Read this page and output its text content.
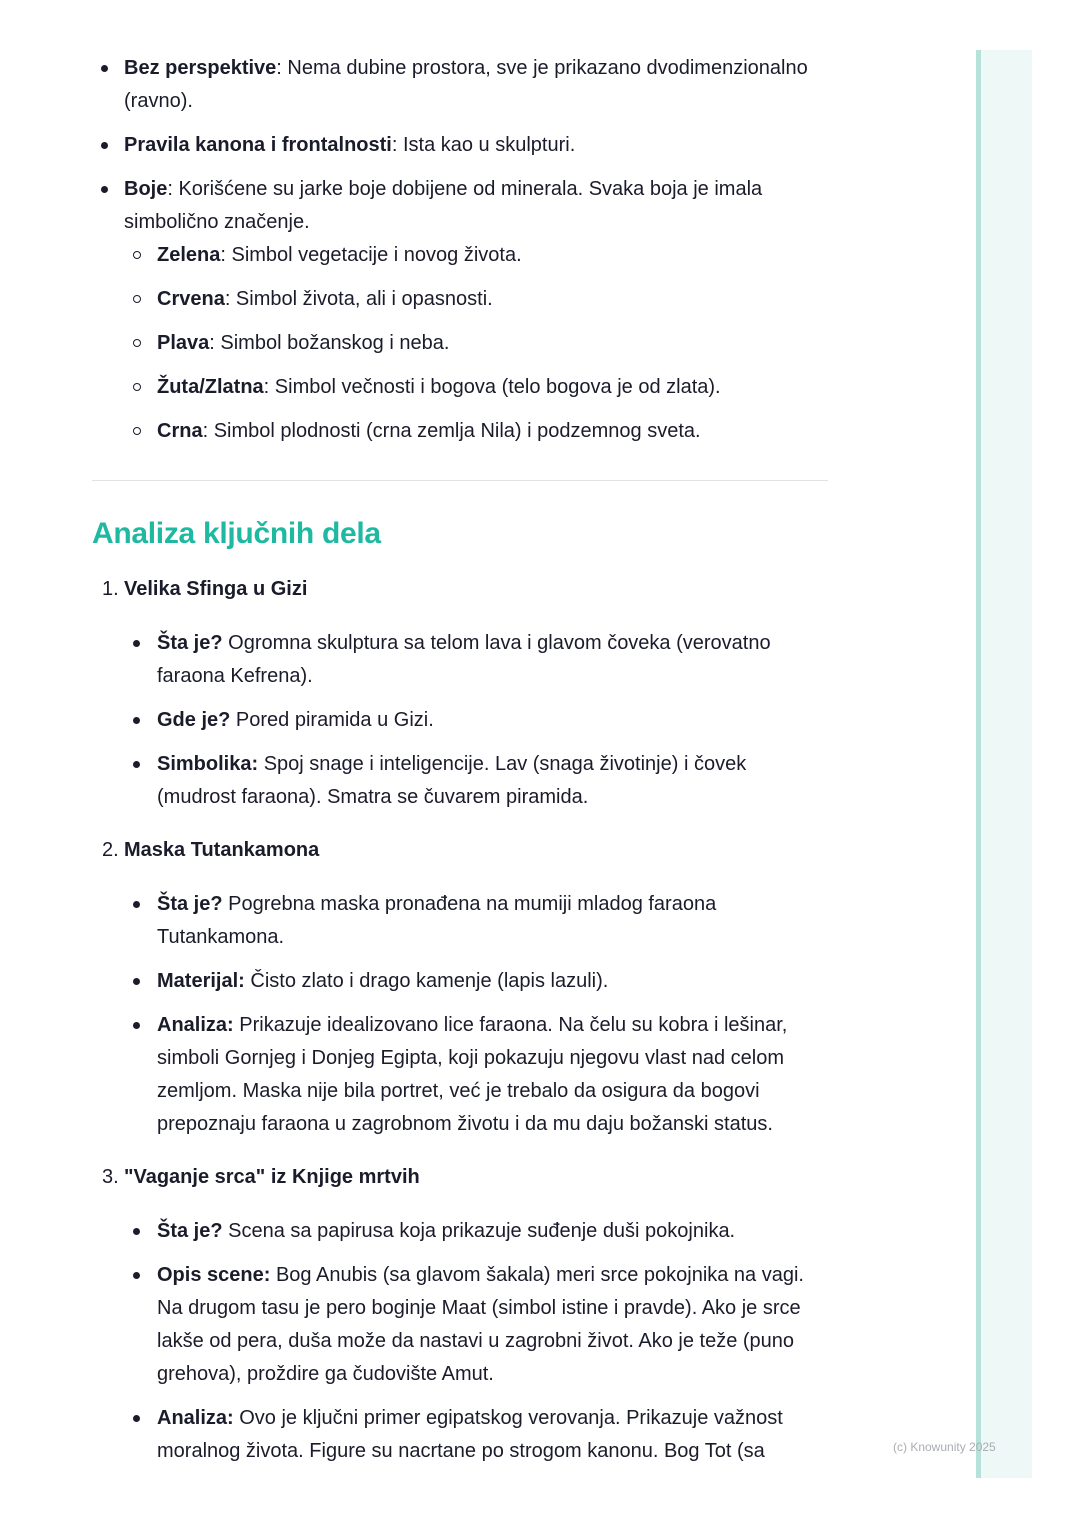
Bez perspektive: Nema dubine prostora, sve je prikazano dvodimenzionalno (ravno).
Pravila kanona i frontalnosti: Ista kao u skulpturi.
Boje: Korišćene su jarke boje dobijene od minerala. Svaka boja je imala simbolično značenje.
Zelena: Simbol vegetacije i novog života.
Crvena: Simbol života, ali i opasnosti.
Plava: Simbol božanskog i neba.
Žuta/Zlatna: Simbol večnosti i bogova (telo bogova je od zlata).
Crna: Simbol plodnosti (crna zemlja Nila) i podzemnog sveta.
Analiza ključnih dela
1. Velika Sfinga u Gizi
Šta je? Ogromna skulptura sa telom lava i glavom čoveka (verovatno faraona Kefrena).
Gde je? Pored piramida u Gizi.
Simbolika: Spoj snage i inteligencije. Lav (snaga životinje) i čovek (mudrost faraona). Smatra se čuvarem piramida.
2. Maska Tutankamona
Šta je? Pogrebna maska pronađena na mumiji mladog faraona Tutankamona.
Materijal: Čisto zlato i drago kamenje (lapis lazuli).
Analiza: Prikazuje idealizovano lice faraona. Na čelu su kobra i lešinar, simboli Gornjeg i Donjeg Egipta, koji pokazuju njegovu vlast nad celom zemljom. Maska nije bila portret, već je trebalo da osigura da bogovi prepoznaju faraona u zagrobnom životu i da mu daju božanski status.
3. "Vaganje srca" iz Knjige mrtvih
Šta je? Scena sa papirusa koja prikazuje suđenje duši pokojnika.
Opis scene: Bog Anubis (sa glavom šakala) meri srce pokojnika na vagi. Na drugom tasu je pero boginje Maat (simbol istine i pravde). Ako je srce lakše od pera, duša može da nastavi u zagrobni život. Ako je teže (puno grehova), proždire ga čudovište Amut.
Analiza: Ovo je ključni primer egipatskog verovanja. Prikazuje važnost moralnog života. Figure su nacrtane po strogom kanonu. Bog Tot (sa	(c) Knowunity 2025
